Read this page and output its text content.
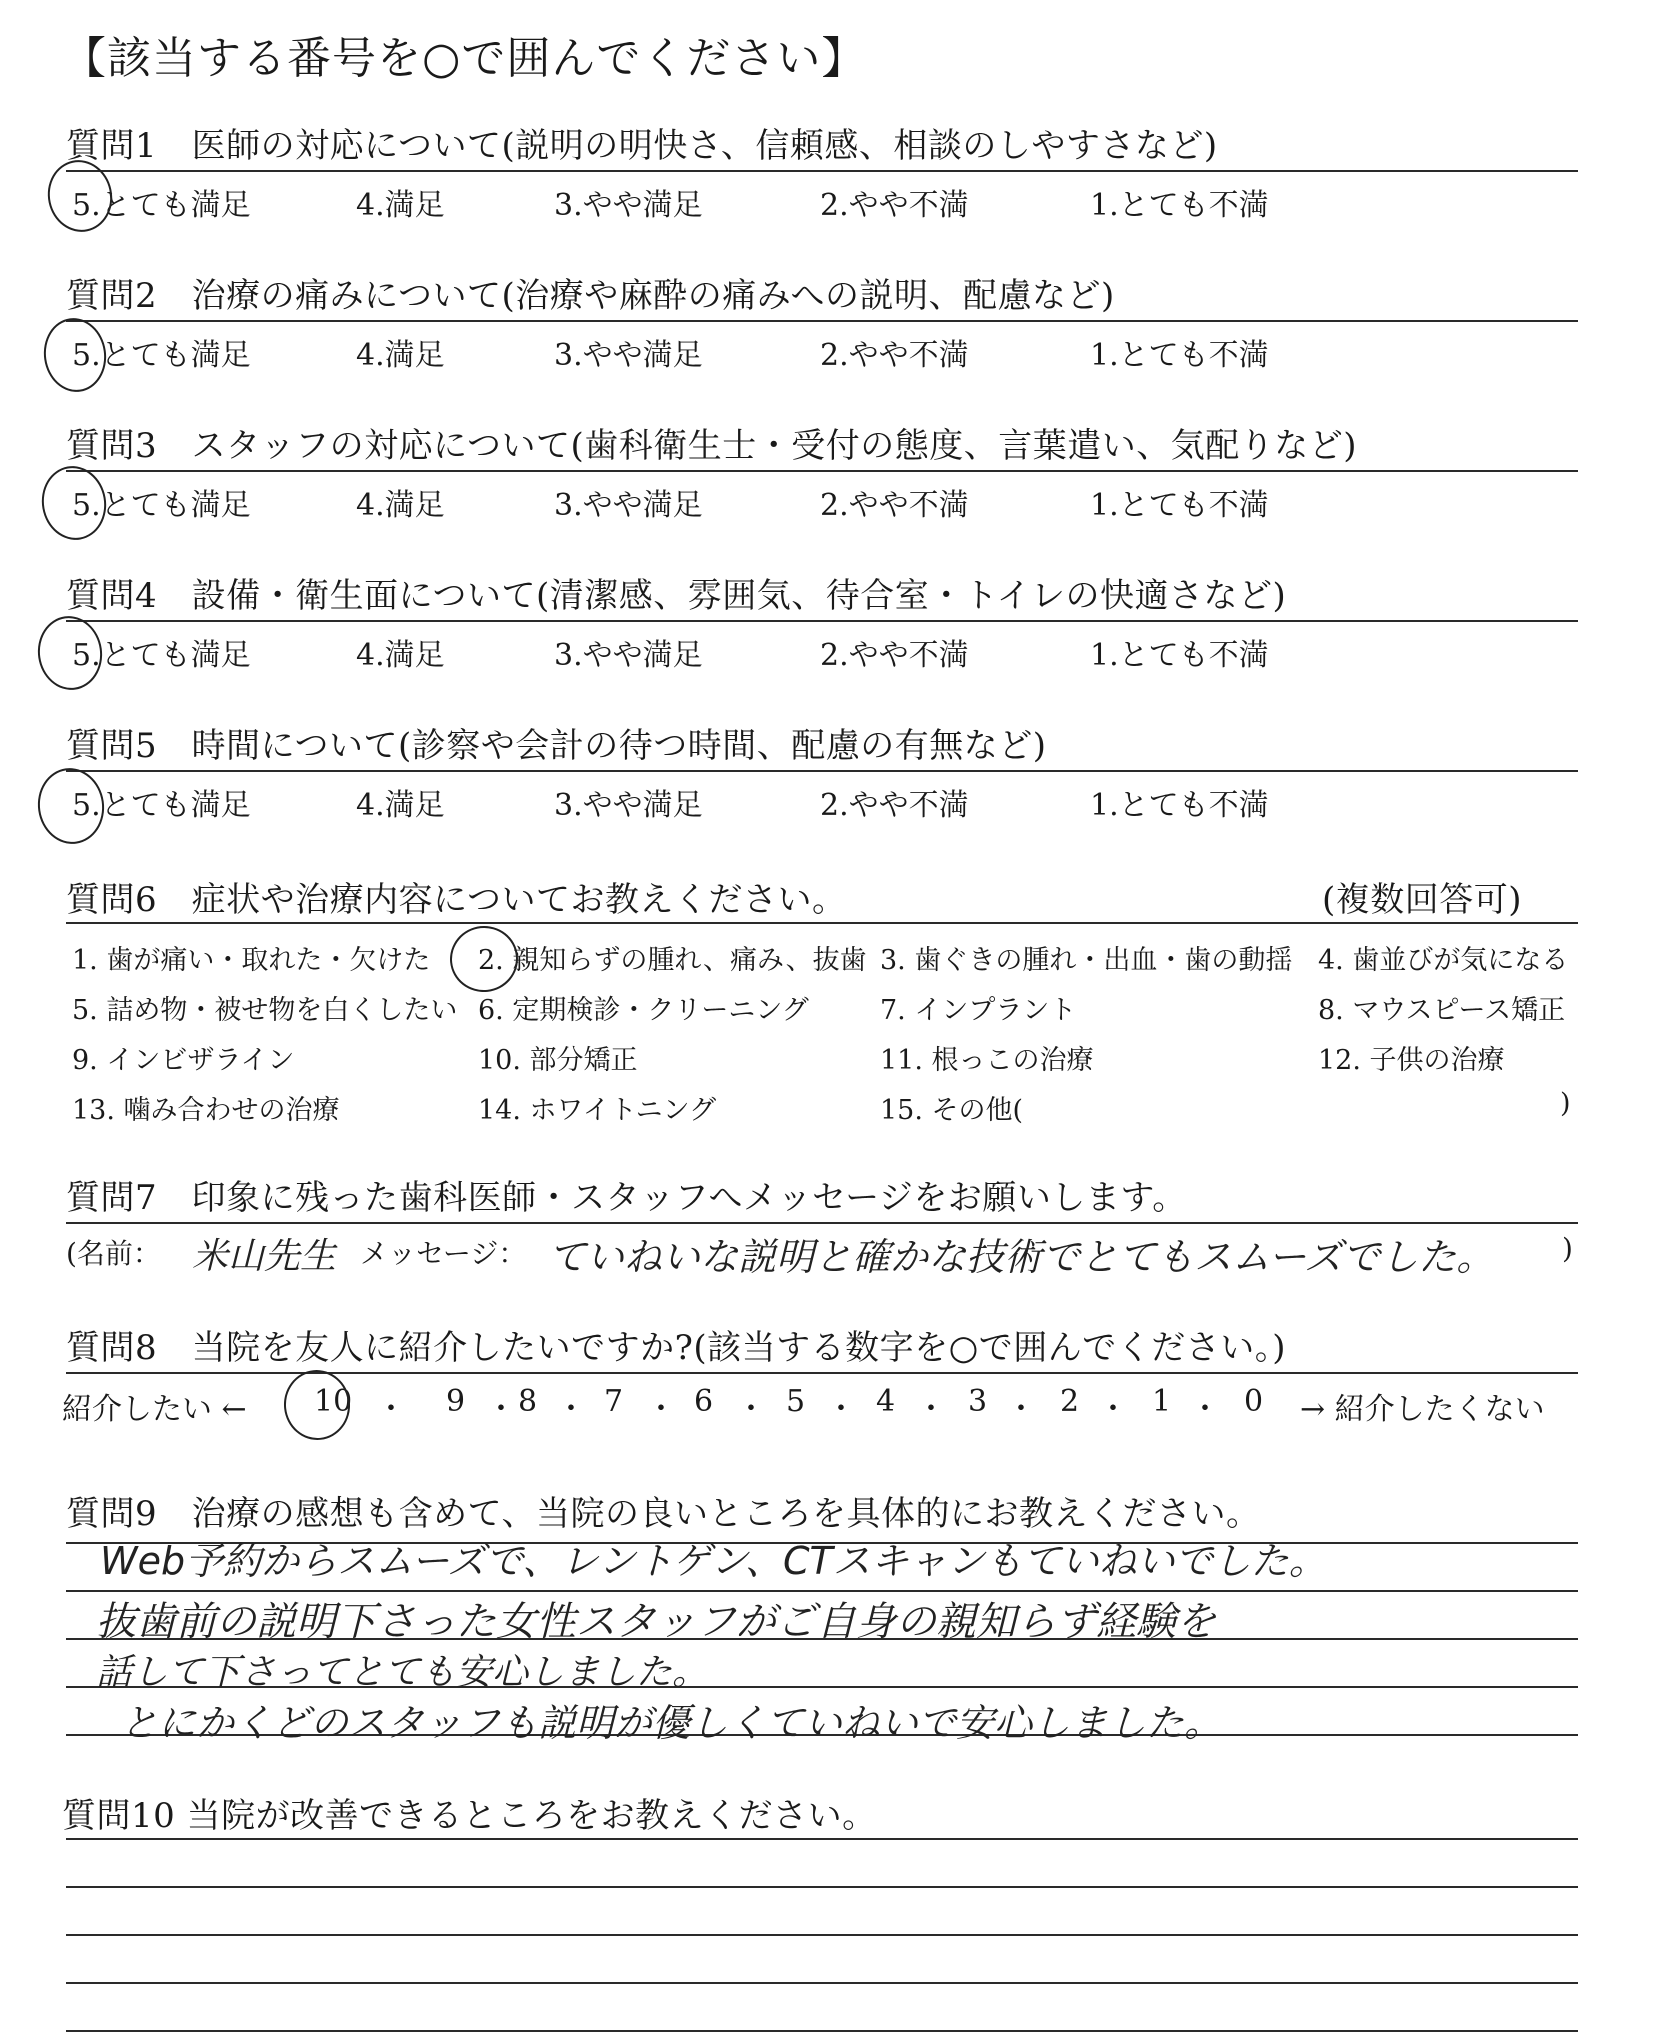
【該当する番号を○で囲んでください】
質問1　医師の対応について(説明の明快さ、信頼感、相談のしやすさなど)
5.とても満足	4.満足	3.やや満足	2.やや不満	1.とても不満
質問2　治療の痛みについて(治療や麻酔の痛みへの説明、配慮など)
5.とても満足	4.満足	3.やや満足	2.やや不満	1.とても不満
質問3　スタッフの対応について(歯科衛生士・受付の態度、言葉遣い、気配りなど)
5.とても満足	4.満足	3.やや満足	2.やや不満	1.とても不満
質問4　設備・衛生面について(清潔感、雰囲気、待合室・トイレの快適さなど)
5.とても満足	4.満足	3.やや満足	2.やや不満	1.とても不満
質問5　時間について(診察や会計の待つ時間、配慮の有無など)
5.とても満足	4.満足	3.やや満足	2.やや不満	1.とても不満
質問6　症状や治療内容についてお教えください。	(複数回答可)
1. 歯が痛い・取れた・欠けた 2. 親知らずの腫れ、痛み、抜歯 3. 歯ぐきの腫れ・出血・歯の動揺 4. 歯並びが気になる
5. 詰め物・被せ物を白くしたい 6. 定期検診・クリーニング	7. インプラント	8. マウスピース矯正
9. インビザライン	10. 部分矯正	11. 根っこの治療	12. 子供の治療
13. 噛み合わせの治療	14. ホワイトニング	15. その他(	)
質問7　印象に残った歯科医師・スタッフへメッセージをお願いします。
(名前： 米山先生 メッセージ： ていねいな説明と確かな技術でとてもスムーズでした。 )
質問8　当院を友人に紹介したいですか?(該当する数字を○で囲んでください。)
紹介したい ←	→ 紹介したくない
10 ・ 9 ・ 8 ・ 7 ・ 6 ・ 5 ・ 4 ・ 3 ・ 2 ・ 1 ・ 0
質問9　治療の感想も含めて、当院の良いところを具体的にお教えください。
Web予約からスムーズで、レントゲン、CTスキャンもていねいでした。
抜歯前の説明下さった女性スタッフがご自身の親知らず経験を
話して下さってとても安心しました。
とにかくどのスタッフも説明が優しくていねいで安心しました。
質問10 当院が改善できるところをお教えください。
